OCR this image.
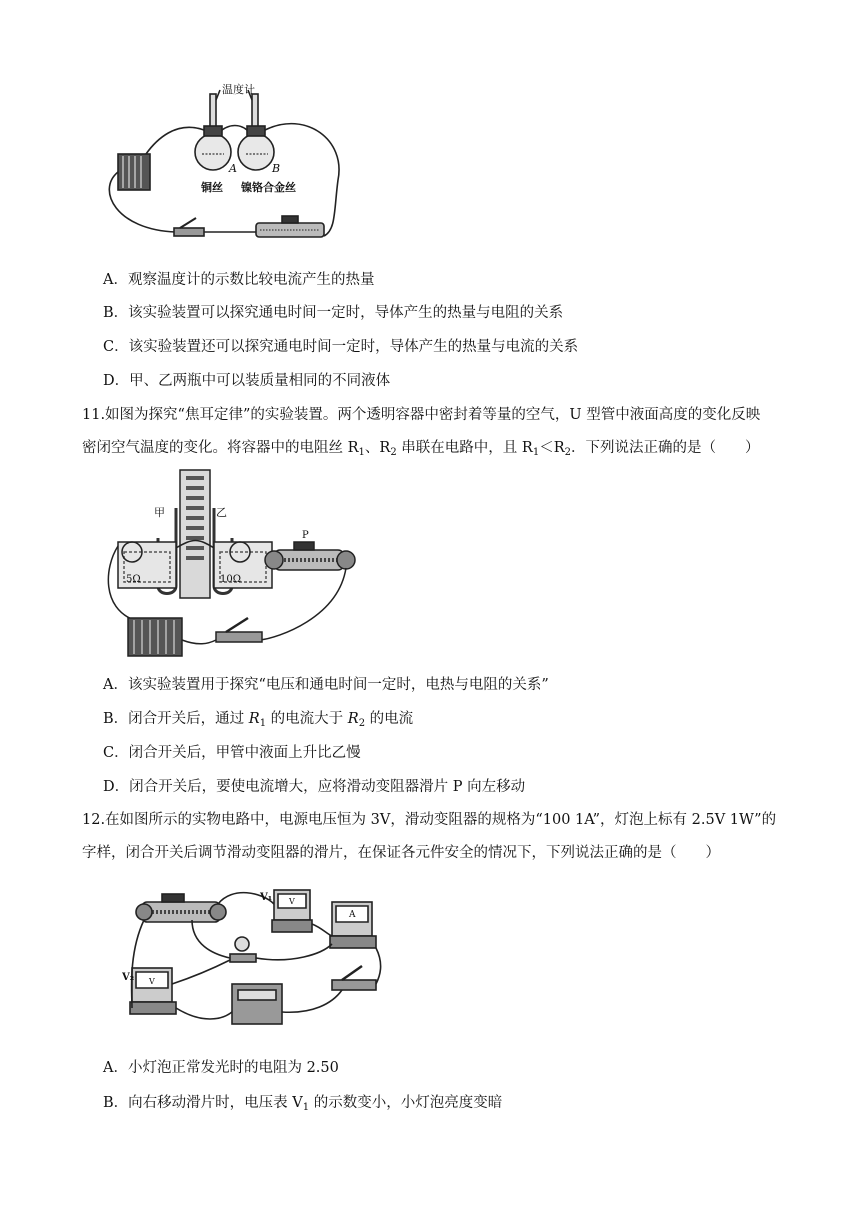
温度计
A	B
铜丝 镍铬合金丝
A．观察温度计的示数比较电流产生的热量
B．该实验装置可以探究通电时间一定时，导体产生的热量与电阻的关系
C．该实验装置还可以探究通电时间一定时，导体产生的热量与电流的关系
D．甲、乙两瓶中可以装质量相同的不同液体
11.如图为探究“焦耳定律”的实验装置。两个透明容器中密封着等量的空气，U 型管中液面高度的变化反映
密闭空气温度的变化。将容器中的电阻丝 $R_1$、$R_2$ 串联在电路中，且 $R_1<R_2$．下列说法正确的是（　　）
甲	乙
P
5Ω	10Ω
A．该实验装置用于探究“电压和通电时间一定时，电热与电阻的关系”
B．闭合开关后，通过 $R_1$ 的电流大于 $R_2$ 的电流
C．闭合开关后，甲管中液面上升比乙慢
D．闭合开关后，要使电流增大，应将滑动变阻器滑片 P 向左移动
12.在如图所示的实物电路中，电源电压恒为 3V，滑动变阻器的规格为“100 1A”，灯泡上标有 2.5V 1W”的
字样，闭合开关后调节滑动变阻器的滑片，在保证各元件安全的情况下，下列说法正确的是（　　）
V₁ V
A
V₂ V
A．小灯泡正常发光时的电阻为 2.50
B．向右移动滑片时，电压表 $V_1$ 的示数变小，小灯泡亮度变暗
